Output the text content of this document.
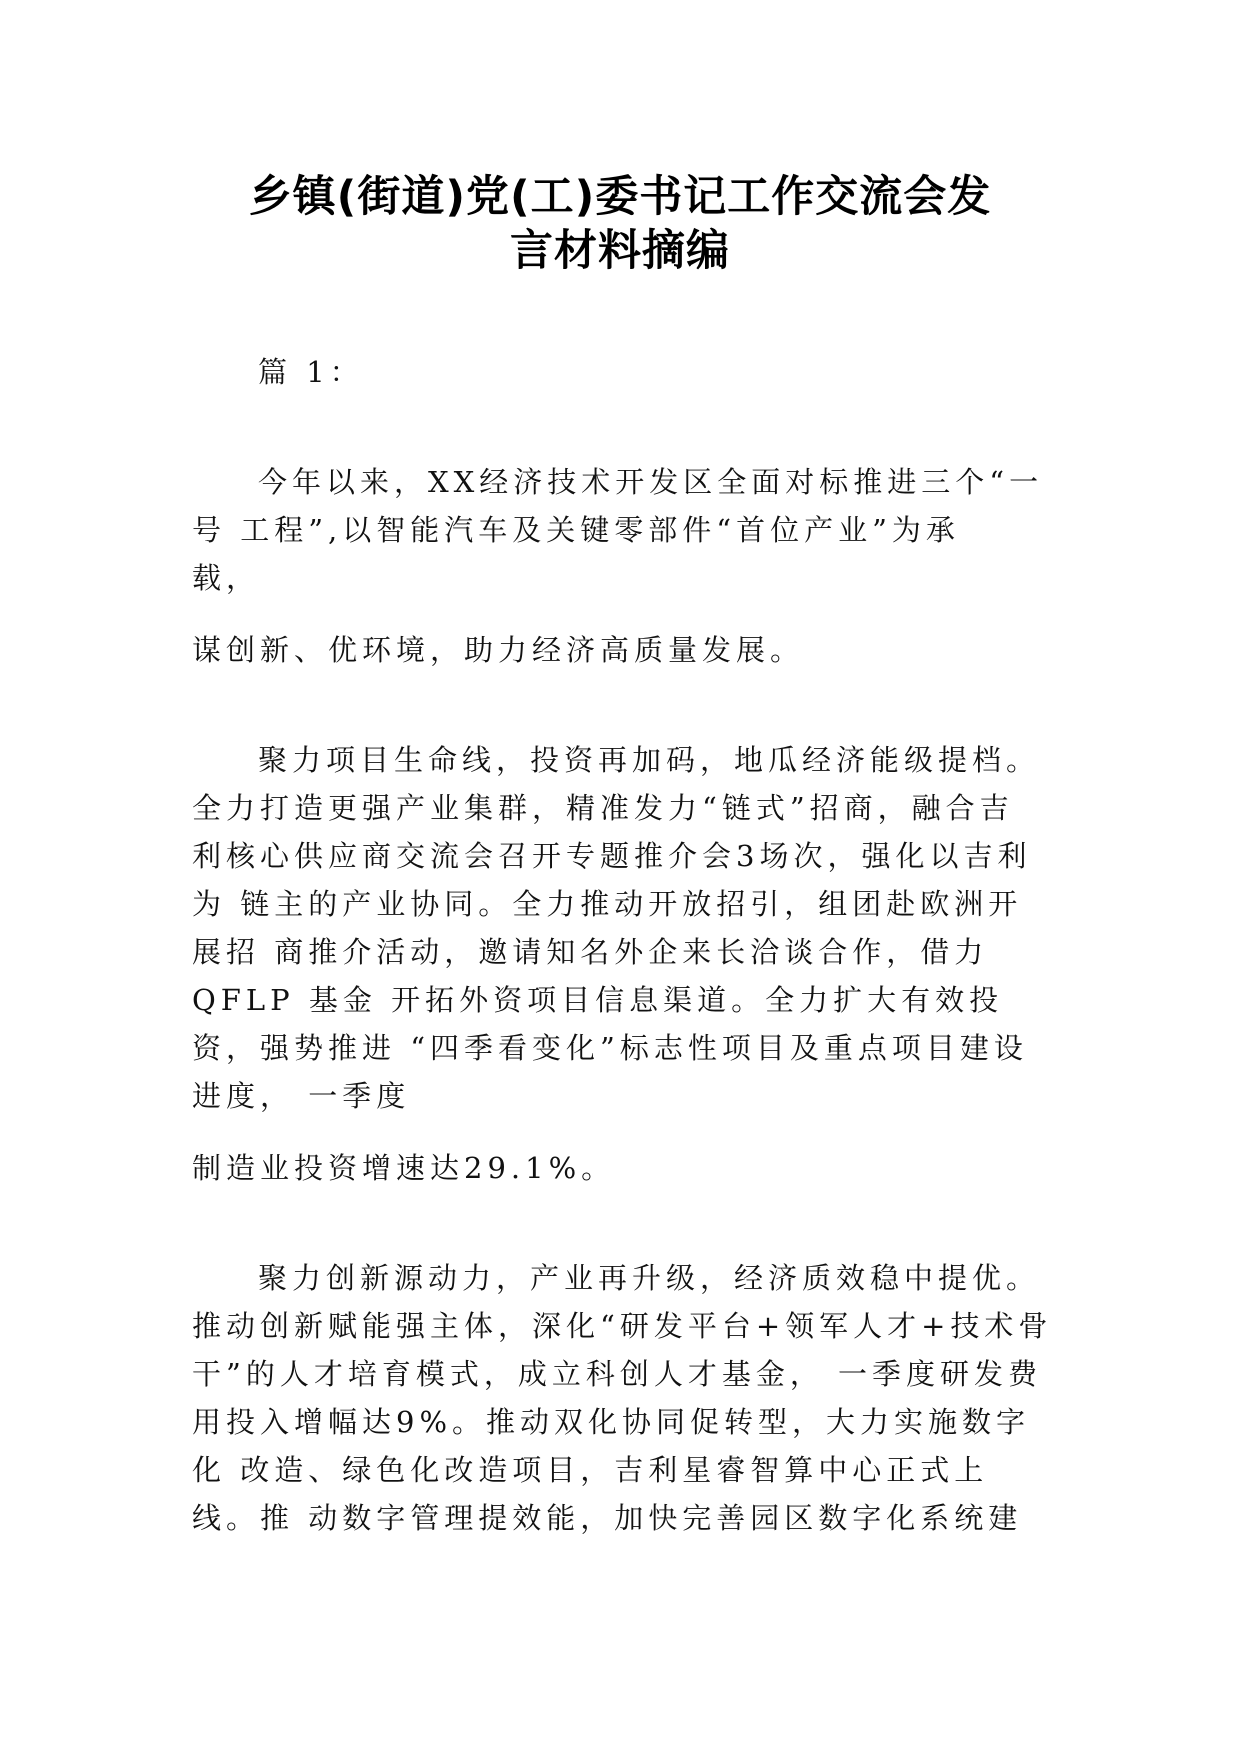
乡镇(街道)党(工)委书记工作交流会发
言材料摘编

篇 1：

今年以来，XX经济技术开发区全面对标推进三个“一

号 工程”,以智能汽车及关键零部件“首位产业”为承

载，

谋创新、优环境，助力经济高质量发展。

聚力项目生命线，投资再加码，地瓜经济能级提档。

全力打造更强产业集群，精准发力“链式”招商，融合吉

利核心供应商交流会召开专题推介会3场次，强化以吉利

为 链主的产业协同。全力推动开放招引，组团赴欧洲开

展招 商推介活动，邀请知名外企来长洽谈合作，借力

QFLP 基金 开拓外资项目信息渠道。全力扩大有效投

资，强势推进 “四季看变化”标志性项目及重点项目建设

进度， 一季度

制造业投资增速达29.1%。

聚力创新源动力，产业再升级，经济质效稳中提优。

推动创新赋能强主体，深化“研发平台+领军人才+技术骨

干”的人才培育模式，成立科创人才基金， 一季度研发费

用投入增幅达9%。推动双化协同促转型，大力实施数字

化 改造、绿色化改造项目，吉利星睿智算中心正式上

线。推 动数字管理提效能，加快完善园区数字化系统建
